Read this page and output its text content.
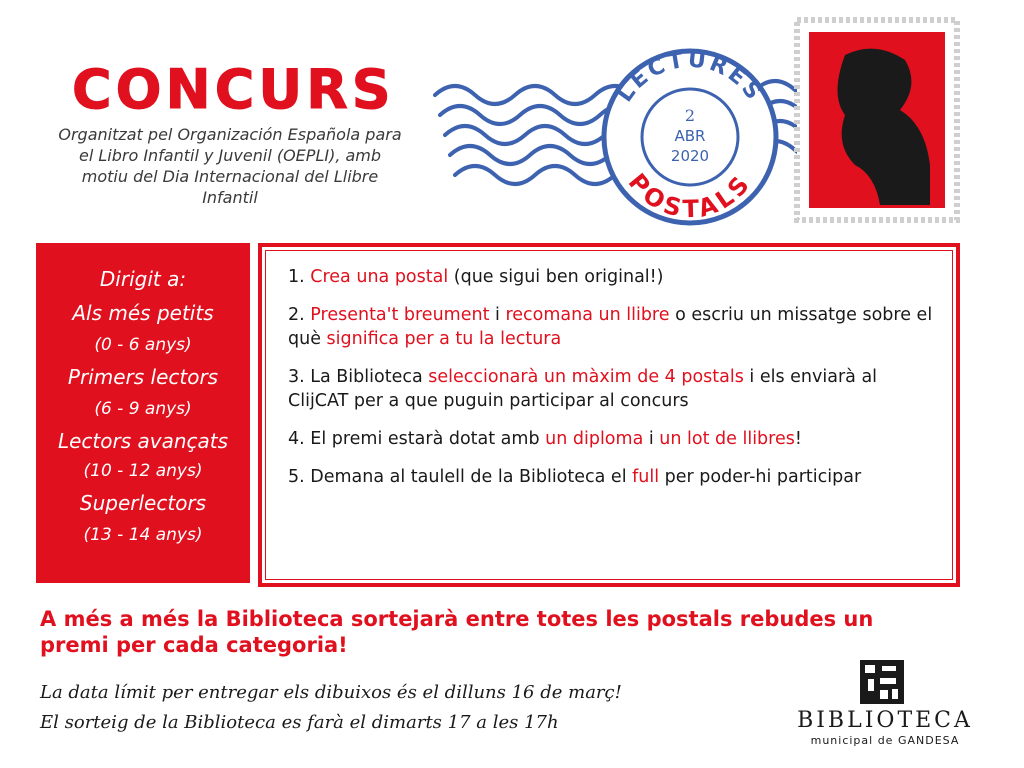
CONCURS
Organitzat pel Organización Española para el Libro Infantil y Juvenil (OEPLI), amb motiu del Dia Internacional del Llibre Infantil
LECTURES
POSTALS
2
ABR
2020
Dirigit a:
Als més petits
(0 - 6 anys)
Primers lectors
(6 - 9 anys)
Lectors avançats
(10 - 12 anys)
Superlectors
(13 - 14 anys)
1. Crea una postal (que sigui ben original!)
2. Presenta't breument i recomana un llibre o escriu un missatge sobre el què significa per a tu la lectura
3. La Biblioteca seleccionarà un màxim de 4 postals i els enviarà al ClijCAT per a que puguin participar al concurs
4. El premi estarà dotat amb un diploma i un lot de llibres!
5. Demana al taulell de la Biblioteca el full per poder-hi participar
A més a més la Biblioteca sortejarà entre totes les postals rebudes un premi per cada categoria!
La data límit per entregar els dibuixos és el dilluns 16 de març!
El sorteig de la Biblioteca es farà el dimarts 17 a les 17h	BIBLIOTECA
municipal de GANDESA
